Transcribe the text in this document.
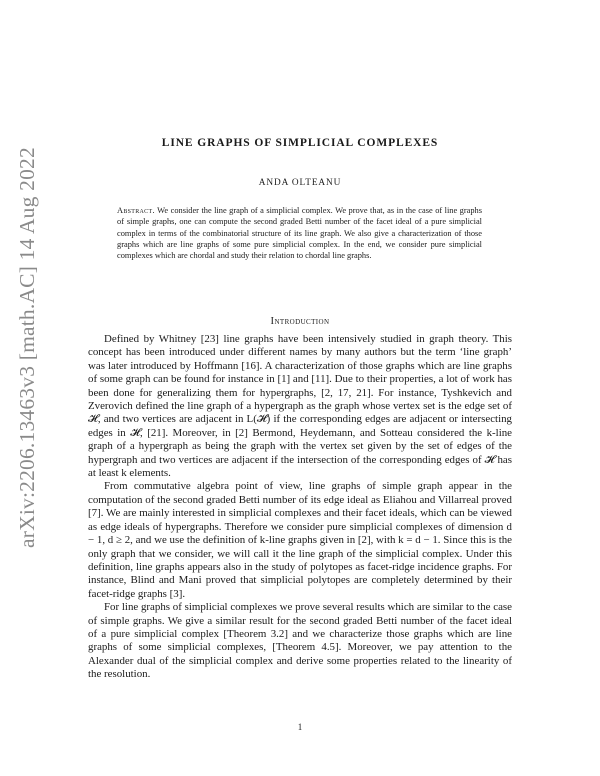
arXiv:2206.13463v3 [math.AC] 14 Aug 2022
LINE GRAPHS OF SIMPLICIAL COMPLEXES
ANDA OLTEANU
Abstract. We consider the line graph of a simplicial complex. We prove that, as in the case of line graphs of simple graphs, one can compute the second graded Betti number of the facet ideal of a pure simplicial complex in terms of the combinatorial structure of its line graph. We also give a characterization of those graphs which are line graphs of some pure simplicial complex. In the end, we consider pure simplicial complexes which are chordal and study their relation to chordal line graphs.
Introduction

Defined by Whitney [23] line graphs have been intensively studied in graph theory. This concept has been introduced under different names by many authors but the term ‘line graph’ was later introduced by Hoffmann [16]. A characterization of those graphs which are line graphs of some graph can be found for instance in [1] and [11]. Due to their properties, a lot of work has been done for generalizing them for hypergraphs, [2, 17, 21]. For instance, Tyshkevich and Zverovich defined the line graph of a hypergraph as the graph whose vertex set is the edge set of 𝓗, and two vertices are adjacent in L(𝓗) if the corresponding edges are adjacent or intersecting edges in 𝓗, [21]. Moreover, in [2] Bermond, Heydemann, and Sotteau considered the k-line graph of a hypergraph as being the graph with the vertex set given by the set of edges of the hypergraph and two vertices are adjacent if the intersection of the corresponding edges of 𝓗 has at least k elements.

From commutative algebra point of view, line graphs of simple graph appear in the computation of the second graded Betti number of its edge ideal as Eliahou and Villarreal proved [7]. We are mainly interested in simplicial complexes and their facet ideals, which can be viewed as edge ideals of hypergraphs. Therefore we consider pure simplicial complexes of dimension d − 1, d ≥ 2, and we use the definition of k-line graphs given in [2], with k = d − 1. Since this is the only graph that we consider, we will call it the line graph of the simplicial complex. Under this definition, line graphs appears also in the study of polytopes as facet-ridge incidence graphs. For instance, Blind and Mani proved that simplicial polytopes are completely determined by their facet-ridge graphs [3].

For line graphs of simplicial complexes we prove several results which are similar to the case of simple graphs. We give a similar result for the second graded Betti number of the facet ideal of a pure simplicial complex [Theorem 3.2] and we characterize those graphs which are line graphs of some simplicial complexes, [Theorem 4.5]. Moreover, we pay attention to the Alexander dual of the simplicial complex and derive some properties related to the linearity of the resolution.

1
